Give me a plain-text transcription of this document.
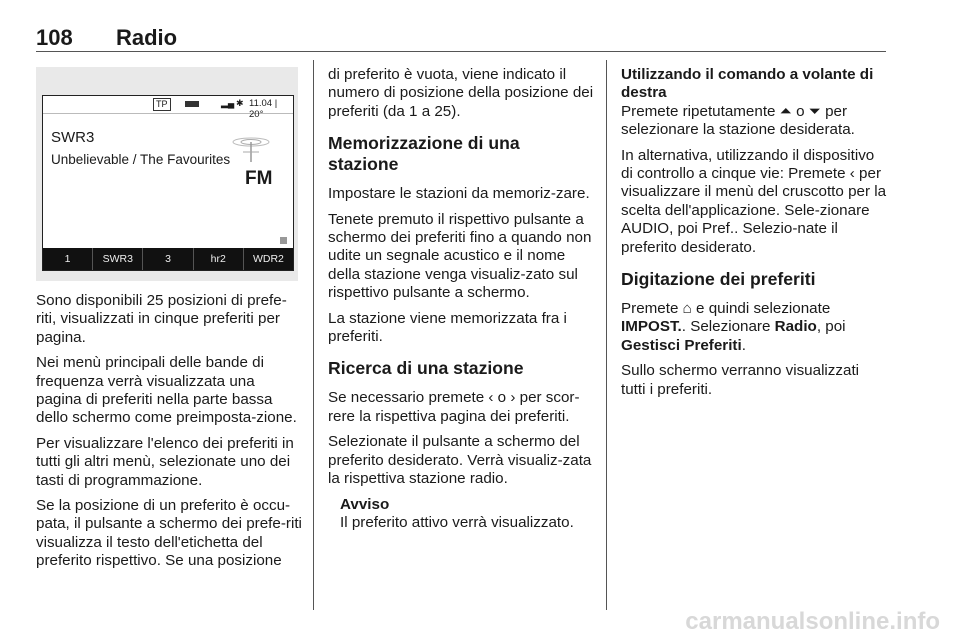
108 Radio
TP	▂▄ ✱ 11.04 | 20°
SWR3
Unbelievable / The Favourites
FM
1	SWR3	3	hr2	WDR2

Sono disponibili 25 posizioni di prefe-riti, visualizzati in cinque preferiti per pagina.

Nei menù principali delle bande di frequenza verrà visualizzata una pagina di preferiti nella parte bassa dello schermo come preimposta-zione.

Per visualizzare l'elenco dei preferiti in tutti gli altri menù, selezionate uno dei tasti di programmazione.

Se la posizione di un preferito è occu-pata, il pulsante a schermo dei prefe-riti visualizza il testo dell'etichetta del preferito rispettivo. Se una posizione

di preferito è vuota, viene indicato il numero di posizione della posizione dei preferiti (da 1 a 25).

Memorizzazione di una stazione

Impostare le stazioni da memoriz-zare.

Tenete premuto il rispettivo pulsante a schermo dei preferiti fino a quando non udite un segnale acustico e il nome della stazione venga visualiz-zato sul rispettivo pulsante a schermo.

La stazione viene memorizzata fra i preferiti.

Ricerca di una stazione

Se necessario premete ‹ o › per scor-rere la rispettiva pagina dei preferiti.

Selezionate il pulsante a schermo del preferito desiderato. Verrà visualiz-zata la rispettiva stazione radio.

Avviso
Il preferito attivo verrà visualizzato.
Utilizzando il comando a volante di destra

Premete ripetutamente ⏶ o ⏷ per selezionare la stazione desiderata.

In alternativa, utilizzando il dispositivo di controllo a cinque vie: Premete ‹ per visualizzare il menù del cruscotto per la scelta dell'applicazione. Sele-zionare AUDIO, poi Pref.. Selezio-nate il preferito desiderato.

Digitazione dei preferiti

Premete ⌂ e quindi selezionate IMPOST.. Selezionare Radio, poi Gestisci Preferiti.

Sullo schermo verranno visualizzati tutti i preferiti.

carmanualsonline.info
